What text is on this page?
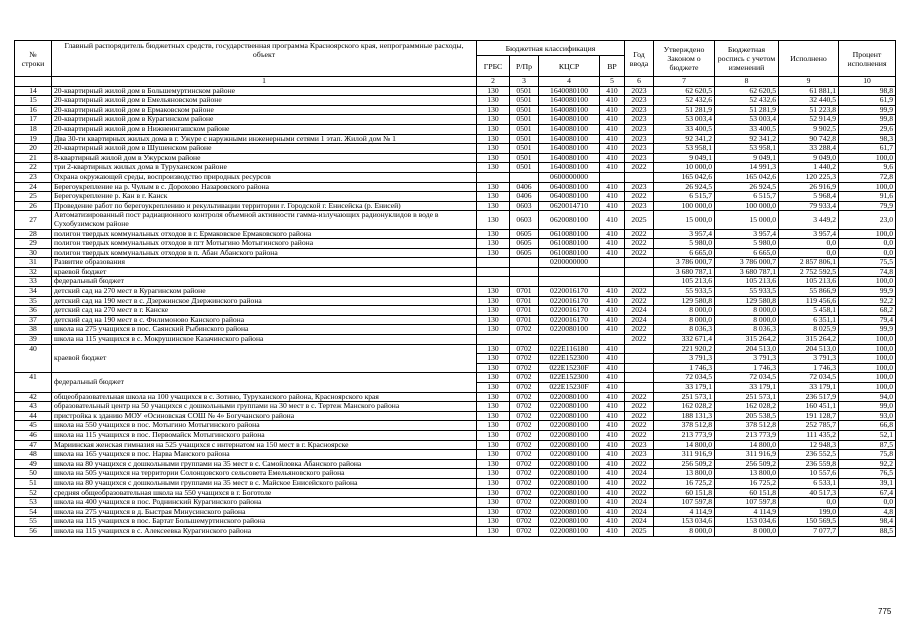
№ строки	Главный распорядитель бюджетных средств, государственная программа Красноярского края, непрограммные расходы, объект	Бюджетная классификация				Год ввода	Утверждено Законом о бюджете	Бюджетная роспись с учетом изменений	Исполнено	Процент исполнения
		ГРБС	Р/Пр	КЦСР	ВР					
	1	2	3	4	5	6	7	8	9	10
14	20-квартирный жилой дом в Большемуртинском районе	130	0501	1640080100	410	2023	62 620,5	62 620,5	61 881,1	98,8
15	20-квартирный жилой дом в Емельяновском районе	130	0501	1640080100	410	2023	52 432,6	52 432,6	32 440,5	61,9
16	20-квартирный жилой дом в Ермаковском районе	130	0501	1640080100	410	2023	51 281,9	51 281,9	51 223,8	99,9
17	20-квартирный жилой дом в Курагинском районе	130	0501	1640080100	410	2023	53 003,4	53 003,4	52 914,9	99,8
18	20-квартирный жилой дом в Нижнеингашском районе	130	0501	1640080100	410	2023	33 400,5	33 400,5	9 902,5	29,6
19	Два 30-ти квартирных жилых дома в г. Ужуре с наружными инженерными сетями 1 этап. Жилой дом № 1	130	0501	1640080100	410	2023	92 341,2	92 341,2	90 742,8	98,3
20	20-квартирный жилой дом в Шушенском районе	130	0501	1640080100	410	2023	53 958,1	53 958,1	33 288,4	61,7
21	8-квартирный жилой дом в Ужурском районе	130	0501	1640080100	410	2023	9 049,1	9 049,1	9 049,0	100,0
22	три 2-квартирных жилых дома в Туруханском районе	130	0501	1640080100	410	2022	10 000,0	14 991,3	1 440,2	9,6
23	Охрана окружающей среды, воспроизводство природных ресурсов			0600000000			165 042,6	165 042,6	120 225,3	72,8
24	Берегоукрепление на р. Чулым в с. Дорохово Назаровского района	130	0406	0640080100	410	2023	26 924,5	26 924,5	26 916,9	100,0
25	Берегоукрепление р. Кан в г. Канск	130	0406	0640080100	410	2022	6 515,7	6 515,7	5 968,4	91,6
26	Проведение работ по берегоукреплению и рекультивации территории г. Городской г. Енисейска (р. Енисей)	130	0603	0620014710	410	2023	100 000,0	100 000,0	79 933,4	79,9
27	Автоматизированный пост радиационного контроля объемной активности гамма-излучающих радионуклидов в воде в Сухобузимском районе	130	0603	0620080100	410	2025	15 000,0	15 000,0	3 449,2	23,0
28	полигон твердых коммунальных отходов в г. Ермаковское Ермаковского района	130	0605	0610080100	410	2022	3 957,4	3 957,4	3 957,4	100,0
29	полигон твердых коммунальных отходов в пгт Мотыгино Мотыгинского района	130	0605	0610080100	410	2022	5 980,0	5 980,0	0,0	0,0
30	полигон твердых коммунальных отходов в п. Абан Абанского района	130	0605	0610080100	410	2022	6 665,0	6 665,0	0,0	0,0
31	Развитие образования			0200000000			3 786 000,7	3 786 000,7	2 857 806,1	75,5
32	краевой бюджет						3 680 787,1	3 680 787,1	2 752 592,5	74,8
33	федеральный бюджет						105 213,6	105 213,6	105 213,6	100,0
34	детский сад на 270 мест в Курагинском районе	130	0701	0220016170	410	2022	55 933,5	55 933,5	55 866,9	99,9
35	детский сад на 190 мест в с. Дзержинское Дзержинского района	130	0701	0220016170	410	2022	129 580,8	129 580,8	119 456,6	92,2
36	детский сад на 270 мест в г. Канске	130	0701	0220016170	410	2024	8 000,0	8 000,0	5 458,1	68,2
37	детский сад на 190 мест в с. Филимоново Канского района	130	0701	0220016170	410	2024	8 000,0	8 000,0	6 351,1	79,4
38	школа на 275 учащихся в пос. Саянский Рыбинского района	130	0702	0220080100	410	2022	8 036,3	8 036,3	8 025,9	99,9
39	школа на 115 учащихся в с. Мокрушинское Казачинского района					2022	332 671,4	315 264,2	315 264,2	100,0
40	краевой бюджет	130	0702	022E116180	410		221 920,2	204 513,0	204 513,0	100,0
		130	0702	022E152300	410		3 791,3	3 791,3	3 791,3	100,0
		130	0702	022E15230F	410		1 746,3	1 746,3	1 746,3	100,0
41	федеральный бюджет	130	0702	022E152300	410		72 034,5	72 034,5	72 034,5	100,0
		130	0702	022E15230F	410		33 179,1	33 179,1	33 179,1	100,0
42	общеобразовательная школа на 100 учащихся в с. Зотино, Туруханского района, Красноярского края	130	0702	0220080100	410	2022	251 573,1	251 573,1	236 517,9	94,0
43	образовательный центр на 50 учащихся с дошкольными группами на 30 мест в с. Тертеж Манского района	130	0702	0220080100	410	2022	162 028,2	162 028,2	160 451,1	99,0
44	пристройка к зданию МОУ «Осиновская СОШ № 4» Богучанского района	130	0702	0220080100	410	2022	188 131,3	205 538,5	191 128,7	93,0
45	школа на 550 учащихся в пос. Мотыгино Мотыгинского района	130	0702	0220080100	410	2022	378 512,8	378 512,8	252 785,7	66,8
46	школа на 115 учащихся в пос. Первомайск Мотыгинского района	130	0702	0220080100	410	2022	213 773,9	213 773,9	111 435,2	52,1
47	Мариинская женская гимназия на 525 учащихся с интернатом на 150 мест в г. Красноярске	130	0702	0220080100	410	2023	14 800,0	14 800,0	12 948,3	87,5
48	школа на 165 учащихся в пос. Нарва Манского района	130	0702	0220080100	410	2023	311 916,9	311 916,9	236 552,5	75,8
49	школа на 80 учащихся с дошкольными группами на 35 мест в с. Самойловка Абанского района	130	0702	0220080100	410	2022	256 509,2	256 509,2	236 559,8	92,2
50	школа на 505 учащихся на территории Солонцовского сельсовета Емельяновского района	130	0702	0220080100	410	2024	13 800,0	13 800,0	10 557,6	76,5
51	школа на 80 учащихся с дошкольными группами на 35 мест в с. Майское Енисейского района	130	0702	0220080100	410	2022	16 725,2	16 725,2	6 533,1	39,1
52	средняя общеобразовательная школа на 550 учащихся в г. Боготоле	130	0702	0220080100	410	2022	60 151,8	60 151,8	40 517,3	67,4
53	школа на 400 учащихся в пос. Роднинский Курагинского района	130	0702	0220080100	410	2024	107 597,8	107 597,8	0,0	0,0
54	школа на 275 учащихся в д. Быстрая Минусинского района	130	0702	0220080100	410	2024	4 114,9	4 114,9	199,0	4,8
55	школа на 115 учащихся в пос. Бартат Большемуртинского района	130	0702	0220080100	410	2024	153 034,6	153 034,6	150 569,5	98,4
56	школа на 115 учащихся в с. Алексеевка Курагинского района	130	0702	0220080100	410	2025	8 000,0	8 000,0	7 077,7	88,5
775
